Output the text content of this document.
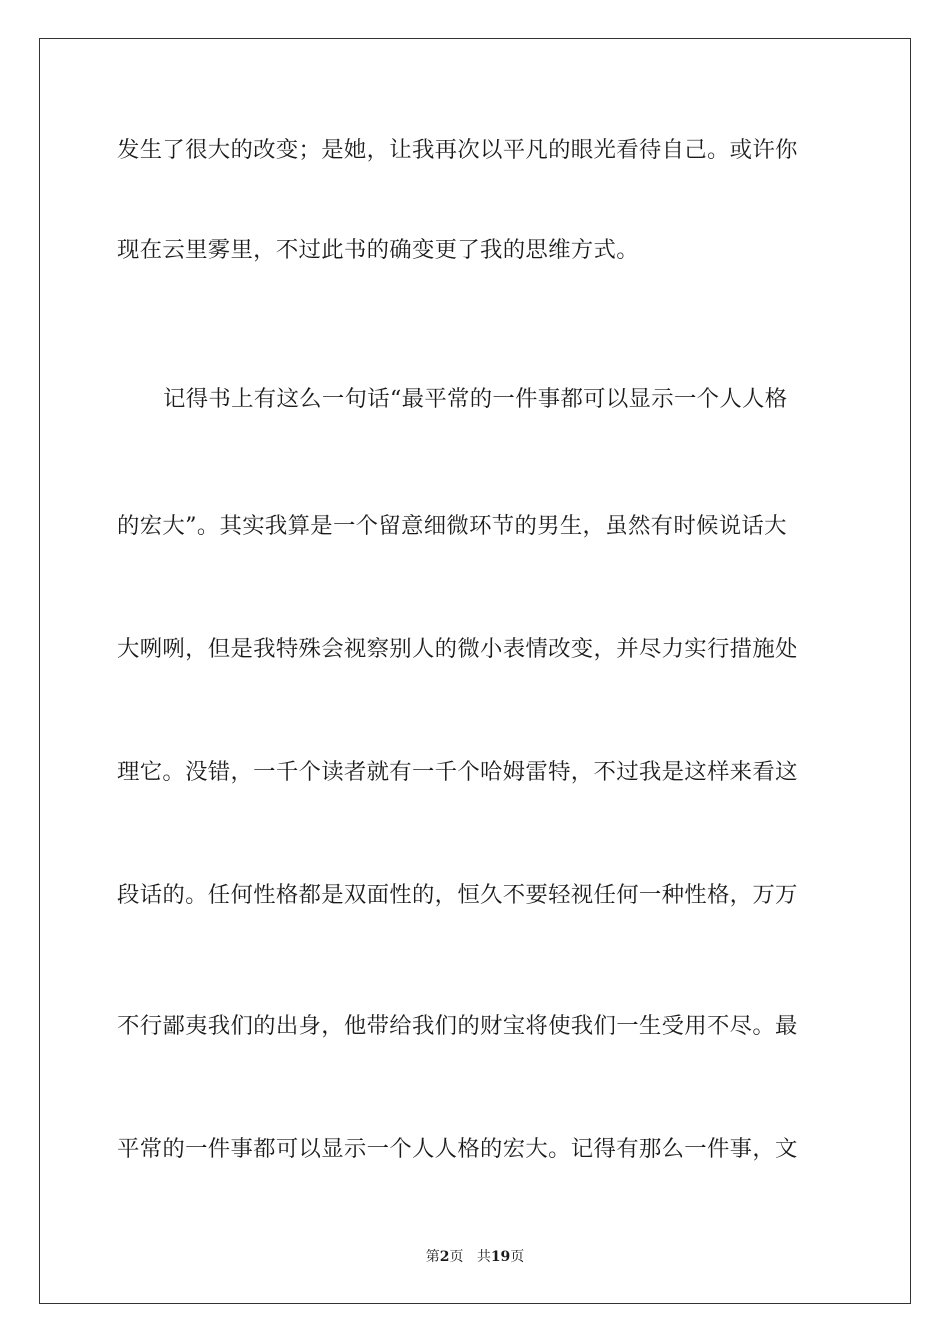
发生了很大的改变；是她，让我再次以平凡的眼光看待自己。或许你
现在云里雾里，不过此书的确变更了我的思维方式。
记得书上有这么一句话“最平常的一件事都可以显示一个人人格
的宏大”。其实我算是一个留意细微环节的男生，虽然有时候说话大
大咧咧，但是我特殊会视察别人的微小表情改变，并尽力实行措施处
理它。没错，一千个读者就有一千个哈姆雷特，不过我是这样来看这
段话的。任何性格都是双面性的，恒久不要轻视任何一种性格，万万
不行鄙夷我们的出身，他带给我们的财宝将使我们一生受用不尽。最
平常的一件事都可以显示一个人人格的宏大。记得有那么一件事，文
第2页 共19页
